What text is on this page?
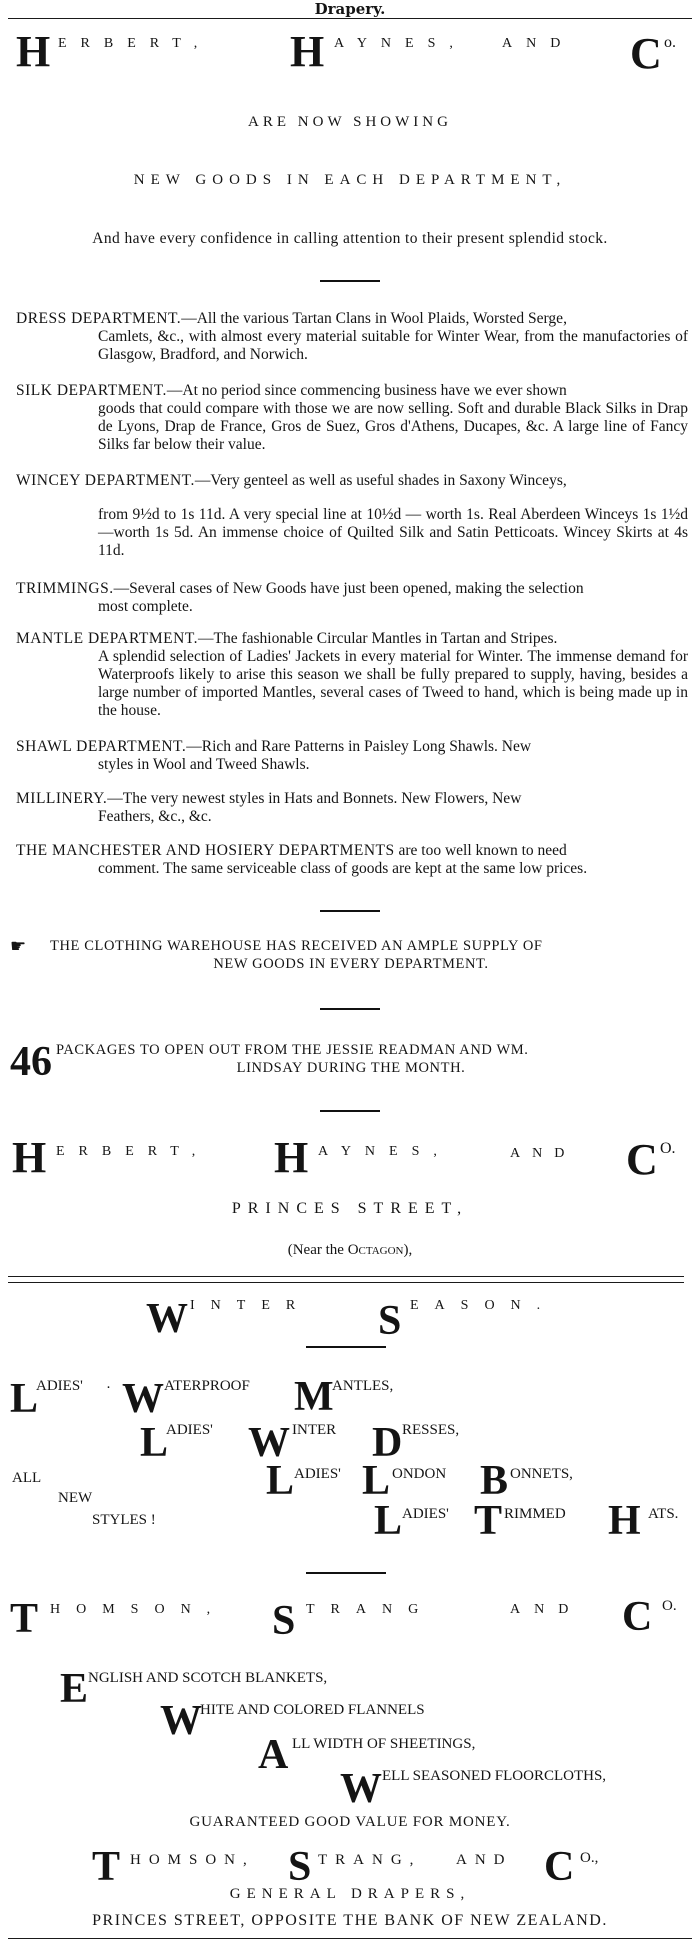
Drapery.
H ERBERT, H AYNES,	AND C o.
ARE NOW SHOWING
NEW GOODS IN EACH DEPARTMENT,
And have every confidence in calling attention to their present splendid stock.
DRESS DEPARTMENT.—All the various Tartan Clans in Wool Plaids, Worsted Serge,
Camlets, &c., with almost every material suitable for Winter Wear, from the manufactories of Glasgow, Bradford, and Norwich.
SILK DEPARTMENT.—At no period since commencing business have we ever shown
goods that could compare with those we are now selling. Soft and durable Black Silks in Drap de Lyons, Drap de France, Gros de Suez, Gros d'Athens, Ducapes, &c. A large line of Fancy Silks far below their value.
WINCEY DEPARTMENT.—Very genteel as well as useful shades in Saxony Winceys,
from 9½d to 1s 11d. A very special line at 10½d — worth 1s. Real Aberdeen Winceys 1s 1½d—worth 1s 5d. An immense choice of Quilted Silk and Satin Petticoats. Wincey Skirts at 4s 11d.
TRIMMINGS.—Several cases of New Goods have just been opened, making the selection
most complete.
MANTLE DEPARTMENT.—The fashionable Circular Mantles in Tartan and Stripes.
A splendid selection of Ladies' Jackets in every material for Winter. The immense demand for Waterproofs likely to arise this season we shall be fully prepared to supply, having, besides a large number of imported Mantles, several cases of Tweed to hand, which is being made up in the house.
SHAWL DEPARTMENT.—Rich and Rare Patterns in Paisley Long Shawls. New
styles in Wool and Tweed Shawls.
MILLINERY.—The very newest styles in Hats and Bonnets. New Flowers, New
Feathers, &c., &c.
THE MANCHESTER AND HOSIERY DEPARTMENTS are too well known to need
comment. The same serviceable class of goods are kept at the same low prices.
☛ THE CLOTHING WAREHOUSE HAS RECEIVED AN AMPLE SUPPLY OF
NEW GOODS IN EVERY DEPARTMENT.
46 PACKAGES TO OPEN OUT FROM THE JESSIE READMAN AND WM.
LINDSAY DURING THE MONTH.
H ERBERT, H AYNES,	AND C O.
PRINCES STREET,
(Near the Octagon),
W INTER S EASON.
L
ADIES' · W ATERPROOF M
ANTLES,
L
ADIES' W INTER D RESSES,
ALL
NEW
STYLES !
L ADIES' L ONDON B ONNETS,
L ADIES' T RIMMED H ATS.
T HOMSON, S TRANG	AND C O.
E NGLISH AND SCOTCH BLANKETS,
W
HITE AND COLORED FLANNELS
A LL WIDTH OF SHEETINGS,
W ELL SEASONED FLOORCLOTHS,
GUARANTEED GOOD VALUE FOR MONEY.
T HOMSON, S TRANG, AND C O.,
GENERAL DRAPERS,
PRINCES STREET, OPPOSITE THE BANK OF NEW ZEALAND.
